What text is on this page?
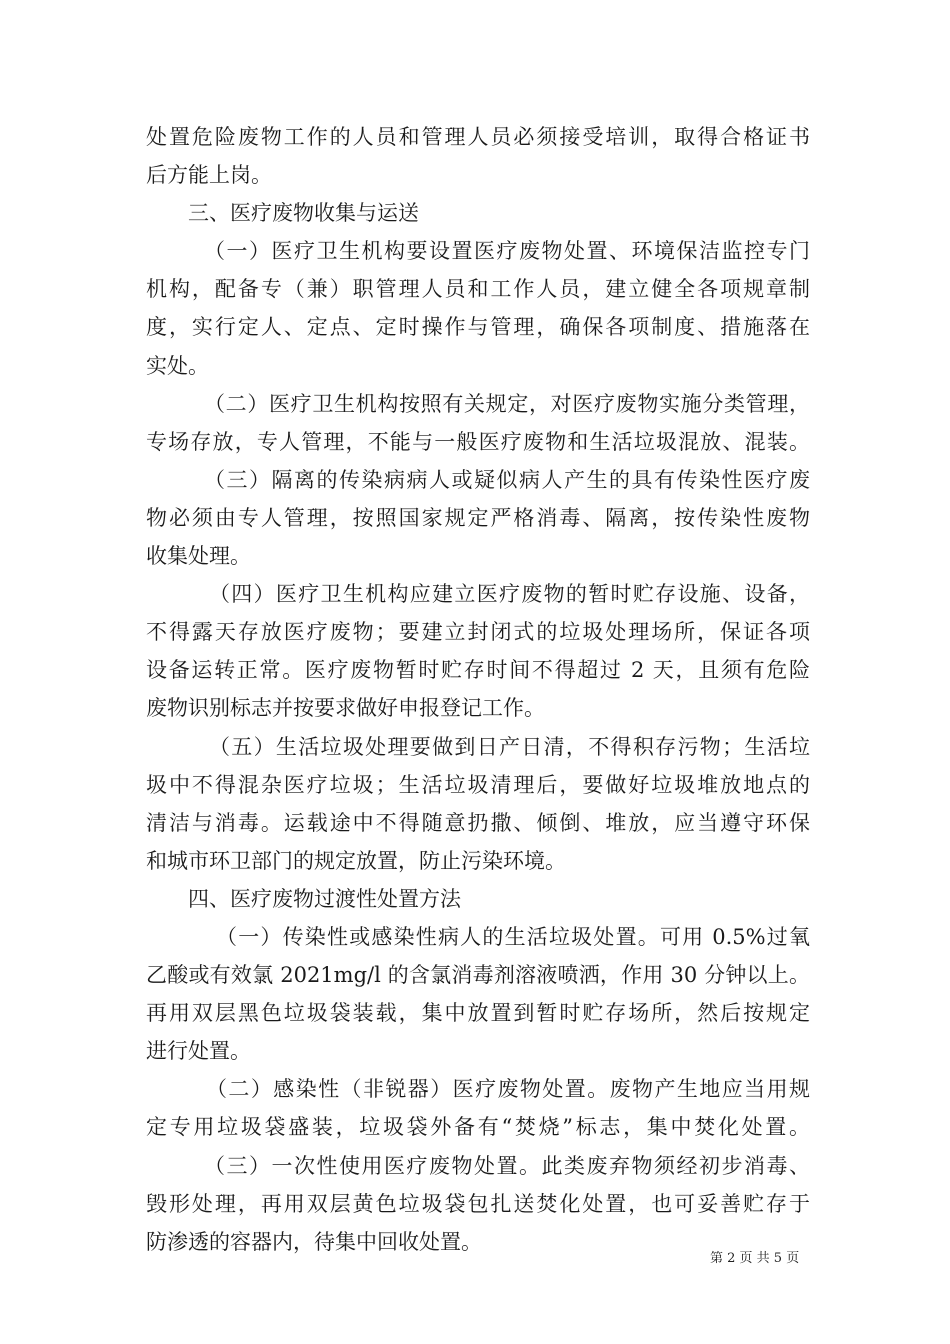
处置危险废物工作的人员和管理人员必须接受培训，取得合格证书
后方能上岗。
三、医疗废物收集与运送
（一）医疗卫生机构要设置医疗废物处置、环境保洁监控专门
机构，配备专（兼）职管理人员和工作人员，建立健全各项规章制
度，实行定人、定点、定时操作与管理，确保各项制度、措施落在
实处。
（二）医疗卫生机构按照有关规定，对医疗废物实施分类管理，
专场存放，专人管理，不能与一般医疗废物和生活垃圾混放、混装。
（三）隔离的传染病病人或疑似病人产生的具有传染性医疗废
物必须由专人管理，按照国家规定严格消毒、隔离，按传染性废物
收集处理。
（四）医疗卫生机构应建立医疗废物的暂时贮存设施、设备，
不得露天存放医疗废物；要建立封闭式的垃圾处理场所，保证各项
设备运转正常。医疗废物暂时贮存时间不得超过 2 天，且须有危险
废物识别标志并按要求做好申报登记工作。
（五）生活垃圾处理要做到日产日清，不得积存污物；生活垃
圾中不得混杂医疗垃圾；生活垃圾清理后，要做好垃圾堆放地点的
清洁与消毒。运载途中不得随意扔撒、倾倒、堆放，应当遵守环保
和城市环卫部门的规定放置，防止污染环境。
四、医疗废物过渡性处置方法
（一）传染性或感染性病人的生活垃圾处置。可用 0.5%过氧
乙酸或有效氯 2021mg/l 的含氯消毒剂溶液喷洒，作用 30 分钟以上。
再用双层黑色垃圾袋装载，集中放置到暂时贮存场所，然后按规定
进行处置。
（二）感染性（非锐器）医疗废物处置。废物产生地应当用规
定专用垃圾袋盛装，垃圾袋外备有“焚烧”标志，集中焚化处置。
（三）一次性使用医疗废物处置。此类废弃物须经初步消毒、
毁形处理，再用双层黄色垃圾袋包扎送焚化处置，也可妥善贮存于
防渗透的容器内，待集中回收处置。
第 2 页 共 5 页
